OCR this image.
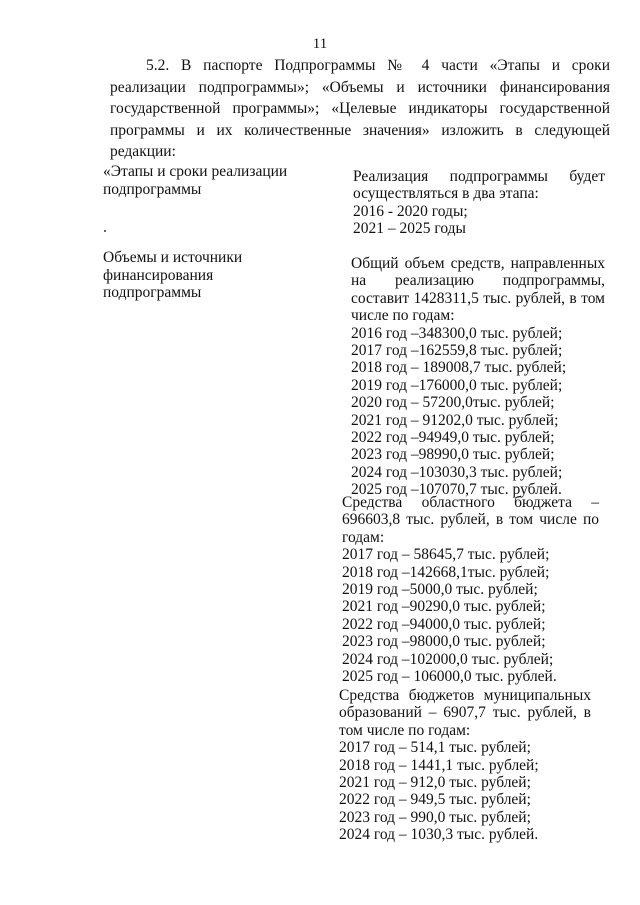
11
5.2. В паспорте Подпрограммы № 4 части «Этапы и сроки реализации подпрограммы»; «Объемы и источники финансирования государственной программы»; «Целевые индикаторы государственной программы и их количественные значения» изложить в следующей редакции:
«Этапы и сроки реализации подпрограммы
Реализация подпрограммы будет
осуществляться в два этапа:
2016 - 2020 годы;
2021 – 2025 годы
Объемы и источники финансирования подпрограммы
Общий объем средств, направленных
на реализацию подпрограммы,
составит 1428311,5 тыс. рублей, в том
числе по годам:
2016 год –348300,0 тыс. рублей;
2017 год –162559,8 тыс. рублей;
2018 год – 189008,7 тыс. рублей;
2019 год –176000,0 тыс. рублей;
2020 год – 57200,0тыс. рублей;
2021 год – 91202,0 тыс. рублей;
2022 год –94949,0 тыс. рублей;
2023 год –98990,0 тыс. рублей;
2024 год –103030,3 тыс. рублей;
2025 год –107070,7 тыс. рублей.
Средства областного бюджета –
696603,8 тыс. рублей, в том числе по
годам:
2017 год – 58645,7 тыс. рублей;
2018 год –142668,1тыс. рублей;
2019 год –5000,0 тыс. рублей;
2021 год –90290,0 тыс. рублей;
2022 год –94000,0 тыс. рублей;
2023 год –98000,0 тыс. рублей;
2024 год –102000,0 тыс. рублей;
2025 год – 106000,0 тыс. рублей.
Средства бюджетов муниципальных
образований – 6907,7 тыс. рублей, в
том числе по годам:
2017 год – 514,1 тыс. рублей;
2018 год – 1441,1 тыс. рублей;
2021 год – 912,0 тыс. рублей;
2022 год – 949,5 тыс. рублей;
2023 год – 990,0 тыс. рублей;
2024 год – 1030,3 тыс. рублей.
